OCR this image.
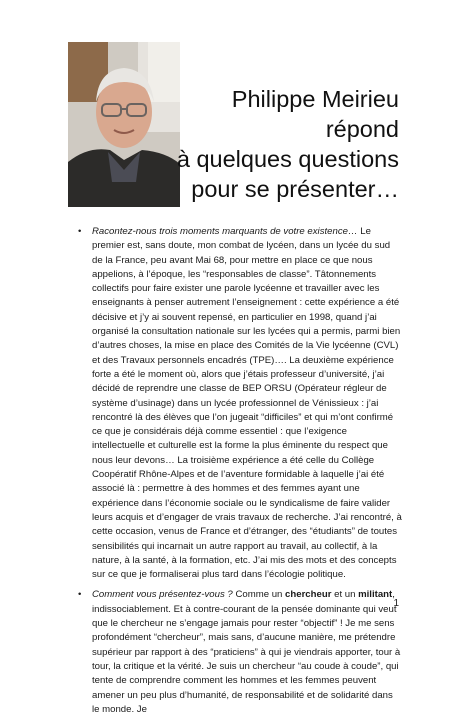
Philippe Meirieu
répond
à quelques questions
pour se présenter…
• Racontez-nous trois moments marquants de votre existence… Le premier est, sans doute, mon combat de lycéen, dans un lycée du sud de la France, peu avant Mai 68, pour mettre en place ce que nous appelions, à l’époque, les “responsables de classe”. Tâtonnements collectifs pour faire exister une parole lycéenne et travailler avec les enseignants à penser autrement l’enseignement : cette expérience a été décisive et j’y ai souvent repensé, en particulier en 1998, quand j’ai organisé la consultation nationale sur les lycées qui a permis, parmi bien d’autres choses, la mise en place des Comités de la Vie lycéenne (CVL) et des Travaux personnels encadrés (TPE)…. La deuxième expérience forte a été le moment où, alors que j’étais professeur d’université, j’ai décidé de reprendre une classe de BEP ORSU (Opérateur régleur de système d’usinage) dans un lycée professionnel de Vénissieux : j’ai rencontré là des élèves que l’on jugeait “difficiles” et qui m’ont confirmé ce que je considérais déjà comme essentiel : que l’exigence intellectuelle et culturelle est la forme la plus éminente du respect que nous leur devons… La troisième expérience a été celle du Collège Coopératif Rhône-Alpes et de l’aventure formidable à laquelle j’ai été associé là : permettre à des hommes et des femmes ayant une expérience dans l’économie sociale ou le syndicalisme de faire valider leurs acquis et d’engager de vrais travaux de recherche. J’ai rencontré, à cette occasion, venus de France et d’étranger, des “étudiants” de toutes sensibilités qui incarnait un autre rapport au travail, au collectif, à la nature, à la santé, à la formation, etc. J’ai mis des mots et des concepts sur ce que je formaliserai plus tard dans l’écologie politique.
• Comment vous présentez-vous ? Comme un chercheur et un militant, indissociablement. Et à contre-courant de la pensée dominante qui veut que le chercheur ne s’engage jamais pour rester “objectif” ! Je me sens profondément “chercheur”, mais sans, d’aucune manière, me prétendre supérieur par rapport à des “praticiens” à qui je viendrais apporter, tour à tour, la critique et la vérité. Je suis un chercheur “au coude à coude”, qui tente de comprendre comment les hommes et les femmes peuvent amener un peu plus d’humanité, de responsabilité et de solidarité dans le monde. Je
1
